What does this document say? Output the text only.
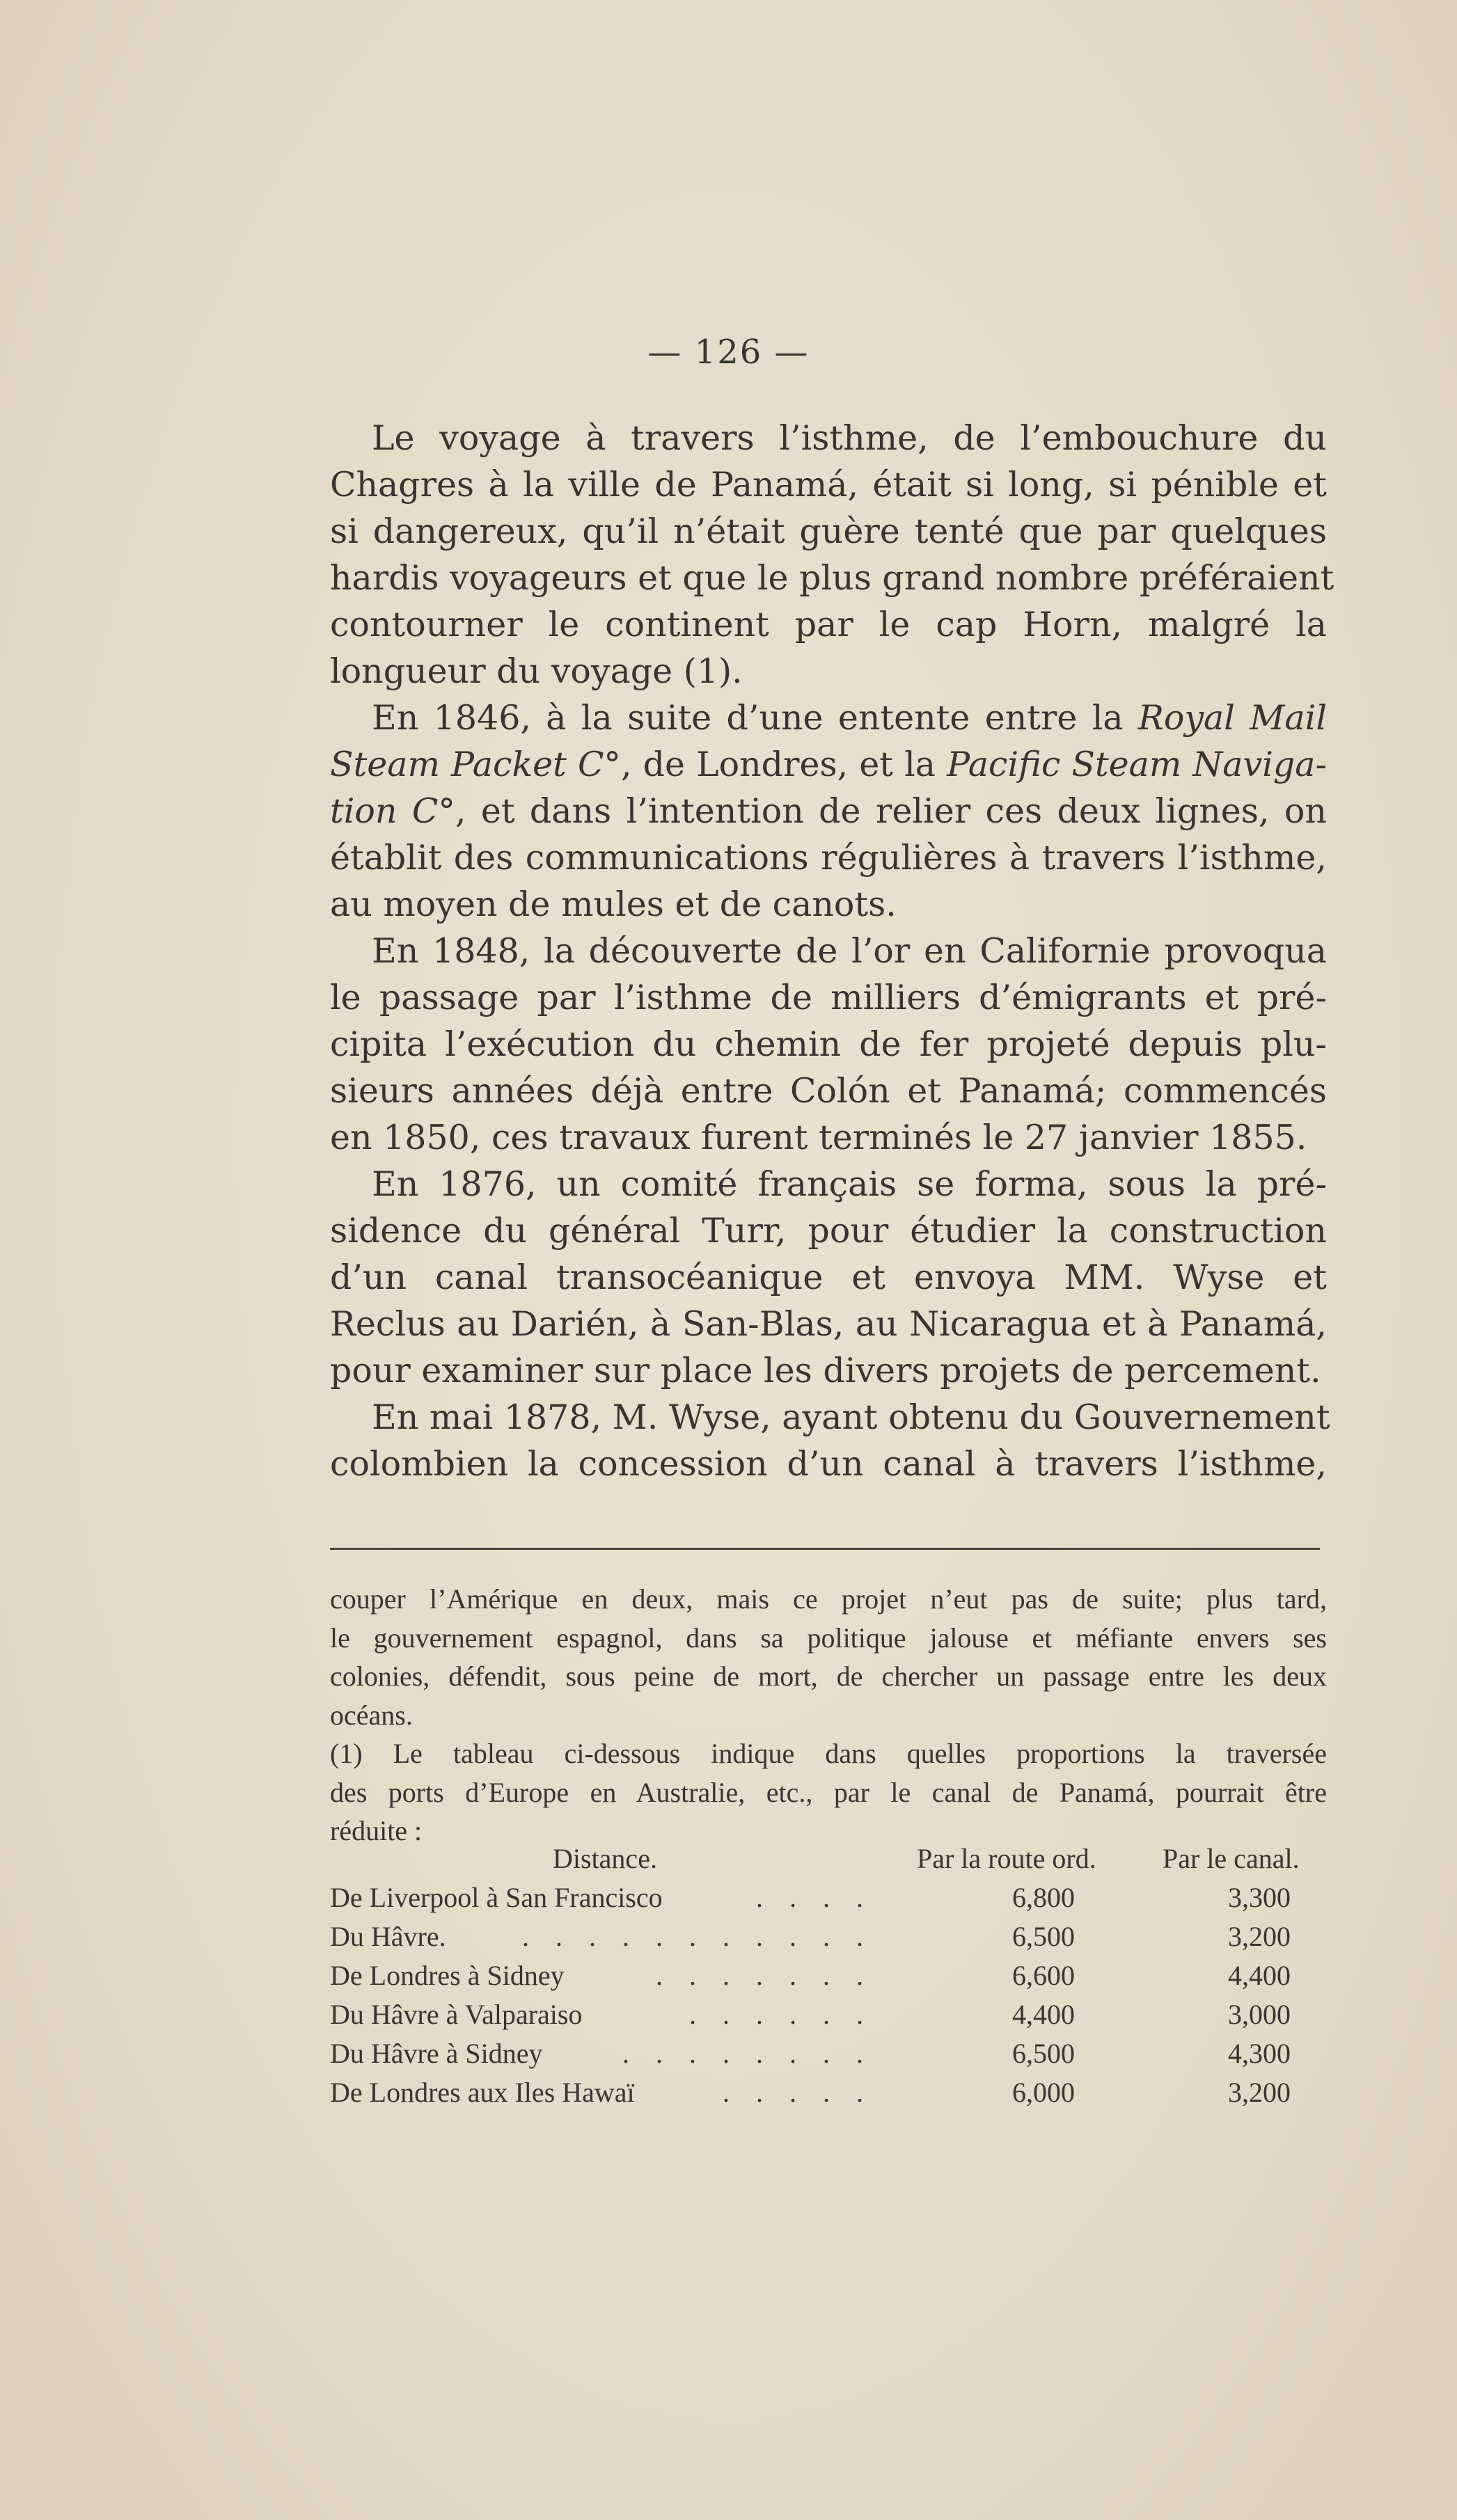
— 126 —
Le voyage à travers l’isthme, de l’embouchure du
Chagres à la ville de Panamá, était si long, si pénible et
si dangereux, qu’il n’était guère tenté que par quelques
hardis voyageurs et que le plus grand nombre préféraient
contourner le continent par le cap Horn, malgré la
longueur du voyage (1).
En 1846, à la suite d’une entente entre la Royal Mail
Steam Packet C°, de Londres, et la Pacific Steam Naviga-
tion C°, et dans l’intention de relier ces deux lignes, on
établit des communications régulières à travers l’isthme,
au moyen de mules et de canots.
En 1848, la découverte de l’or en Californie provoqua
le passage par l’isthme de milliers d’émigrants et pré-
cipita l’exécution du chemin de fer projeté depuis plu-
sieurs années déjà entre Colón et Panamá; commencés
en 1850, ces travaux furent terminés le 27 janvier 1855.
En 1876, un comité français se forma, sous la pré-
sidence du général Turr, pour étudier la construction
d’un canal transocéanique et envoya MM. Wyse et
Reclus au Darién, à San-Blas, au Nicaragua et à Panamá,
pour examiner sur place les divers projets de percement.
En mai 1878, M. Wyse, ayant obtenu du Gouvernement
colombien la concession d’un canal à travers l’isthme,
couper l’Amérique en deux, mais ce projet n’eut pas de suite; plus tard,
le gouvernement espagnol, dans sa politique jalouse et méfiante envers ses
colonies, défendit, sous peine de mort, de chercher un passage entre les deux
océans.
(1) Le tableau ci-dessous indique dans quelles proportions la traversée
des ports d’Europe en Australie, etc., par le canal de Panamá, pourrait être
réduite :
Distance.	Par la route ord. Par le canal.
. . . .
De Liverpool à San Francisco	6,800	3,300
. . . . . . . . . . .
Du Hâvre.	6,500	3,200
. . . . . . .
De Londres à Sidney	6,600	4,400
. . . . . .
Du Hâvre à Valparaiso	4,400	3,000
. . . . . . . .
Du Hâvre à Sidney	6,500	4,300
. . . . .
De Londres aux Iles Hawaï	6,000	3,200
